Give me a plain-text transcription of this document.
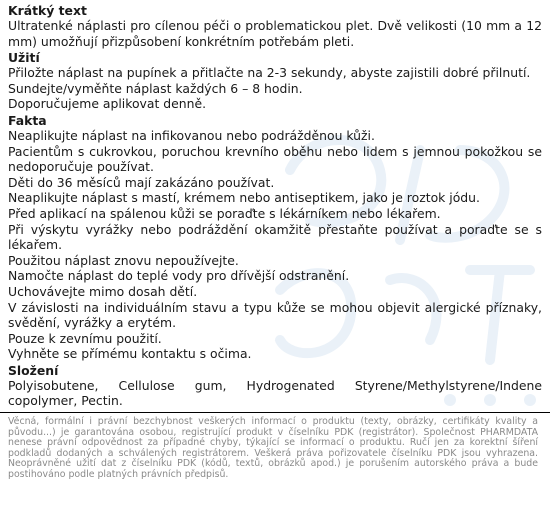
Krátký text

Ultratenké náplasti pro cílenou péči o problematickou plet. Dvě velikosti (10 mm a 12 mm) umožňují přizpůsobení konkrétním potřebám pleti.

Užití

Přiložte náplast na pupínek a přitlačte na 2-3 sekundy, abyste zajistili dobré přilnutí.

Sundejte/vyměňte náplast každých 6 – 8 hodin.

Doporučujeme aplikovat denně.

Fakta

Neaplikujte náplast na infikovanou nebo podrážděnou kůži.

Pacientům s cukrovkou, poruchou krevního oběhu nebo lidem s jemnou pokožkou se nedoporučuje používat.

Děti do 36 měsíců mají zakázáno používat.

Neaplikujte náplast s mastí, krémem nebo antiseptikem, jako je roztok jódu.

Před aplikací na spálenou kůži se poraďte s lékárníkem nebo lékařem.

Při výskytu vyrážky nebo podráždění okamžitě přestaňte používat a poraďte se s lékařem.

Použitou náplast znovu nepoužívejte.

Namočte náplast do teplé vody pro dřívější odstranění.

Uchovávejte mimo dosah dětí.

V závislosti na individuálním stavu a typu kůže se mohou objevit alergické příznaky, svědění, vyrážky a erytém.

Pouze k zevnímu použití.

Vyhněte se přímému kontaktu s očima.

Složení

Polyisobutene, Cellulose gum, Hydrogenated Styrene/Methylstyrene/Indene copolymer, Pectin.

Věcná, formální i právní bezchybnost veškerých informací o produktu (texty, obrázky, certifikáty kvality a původu...) je garantována osobou, registrující produkt v číselníku PDK (registrátor). Společnost PHARMDATA nenese právní odpovědnost za případné chyby, týkající se informací o produktu. Ručí jen za korektní šíření podkladů dodaných a schválených registrátorem. Veškerá práva pořizovatele číselníku PDK jsou vyhrazena. Neoprávněné užití dat z číselníku PDK (kódů, textů, obrázků apod.) je porušením autorského práva a bude postihováno podle platných právních předpisů.
